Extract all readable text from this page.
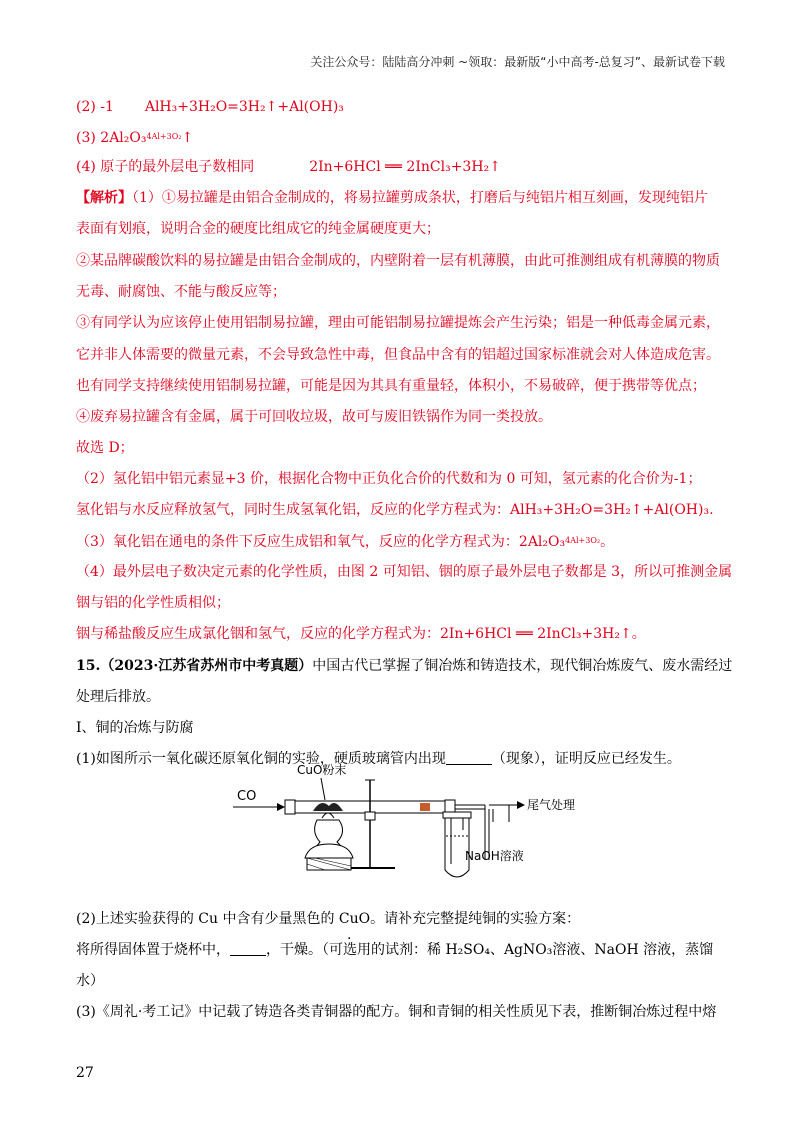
关注公众号：陆陆高分冲刺 ~领取：最新版“小中高考-总复习”、最新试卷下载
(2) -1 AlH₃+3H₂O=3H₂↑+Al(OH)₃
(3) 2Al₂O₃$^{4Al+3O_2}$↑
(4) 原子的最外层电子数相同	2In+6HCl ══ 2InCl₃+3H₂↑
【解析】（1）①易拉罐是由铝合金制成的，将易拉罐剪成条状，打磨后与纯铝片相互刻画，发现纯铝片
表面有划痕，说明合金的硬度比组成它的纯金属硬度更大；
②某品牌碳酸饮料的易拉罐是由铝合金制成的，内壁附着一层有机薄膜，由此可推测组成有机薄膜的物质
无毒、耐腐蚀、不能与酸反应等；
③有同学认为应该停止使用铝制易拉罐，理由可能铝制易拉罐提炼会产生污染；铝是一种低毒金属元素，
它并非人体需要的微量元素，不会导致急性中毒，但食品中含有的铝超过国家标准就会对人体造成危害。
也有同学支持继续使用铝制易拉罐，可能是因为其具有重量轻，体积小，不易破碎，便于携带等优点；
④废弃易拉罐含有金属，属于可回收垃圾，故可与废旧铁锅作为同一类投放。
故选 D；
（2）氢化铝中铝元素显+3 价，根据化合物中正负化合价的代数和为 0 可知，氢元素的化合价为-1；
氢化铝与水反应释放氢气，同时生成氢氧化铝，反应的化学方程式为：AlH₃+3H₂O=3H₂↑+Al(OH)₃.
（3）氧化铝在通电的条件下反应生成铝和氧气，反应的化学方程式为：2Al₂O₃$^{4Al+3O_2}$。
（4）最外层电子数决定元素的化学性质，由图 2 可知铝、铟的原子最外层电子数都是 3，所以可推测金属
铟与铝的化学性质相似；
铟与稀盐酸反应生成氯化铟和氢气，反应的化学方程式为：2In+6HCl ══ 2InCl₃+3H₂↑。
15.（2023·江苏省苏州市中考真题）中国古代已掌握了铜冶炼和铸造技术，现代铜冶炼废气、废水需经过
处理后排放。
Ⅰ、铜的冶炼与防腐
(1)如图所示一氧化碳还原氧化铜的实验，硬质玻璃管内出现	（现象），证明反应已经发生。
CO
CuO粉末
NaOH溶液
尾气处理
(2)上述实验获得的 Cu 中含有少量黑色的 CuO。请补充完整提纯铜的实验方案：
将所得固体置于烧杯中，	，干燥。（可选用的试剂：稀 H₂SO₄、AgNO₃溶液、NaOH 溶液，蒸馏
水）
(3)《周礼·考工记》中记载了铸造各类青铜器的配方。铜和青铜的相关性质见下表，推断铜冶炼过程中熔
27
